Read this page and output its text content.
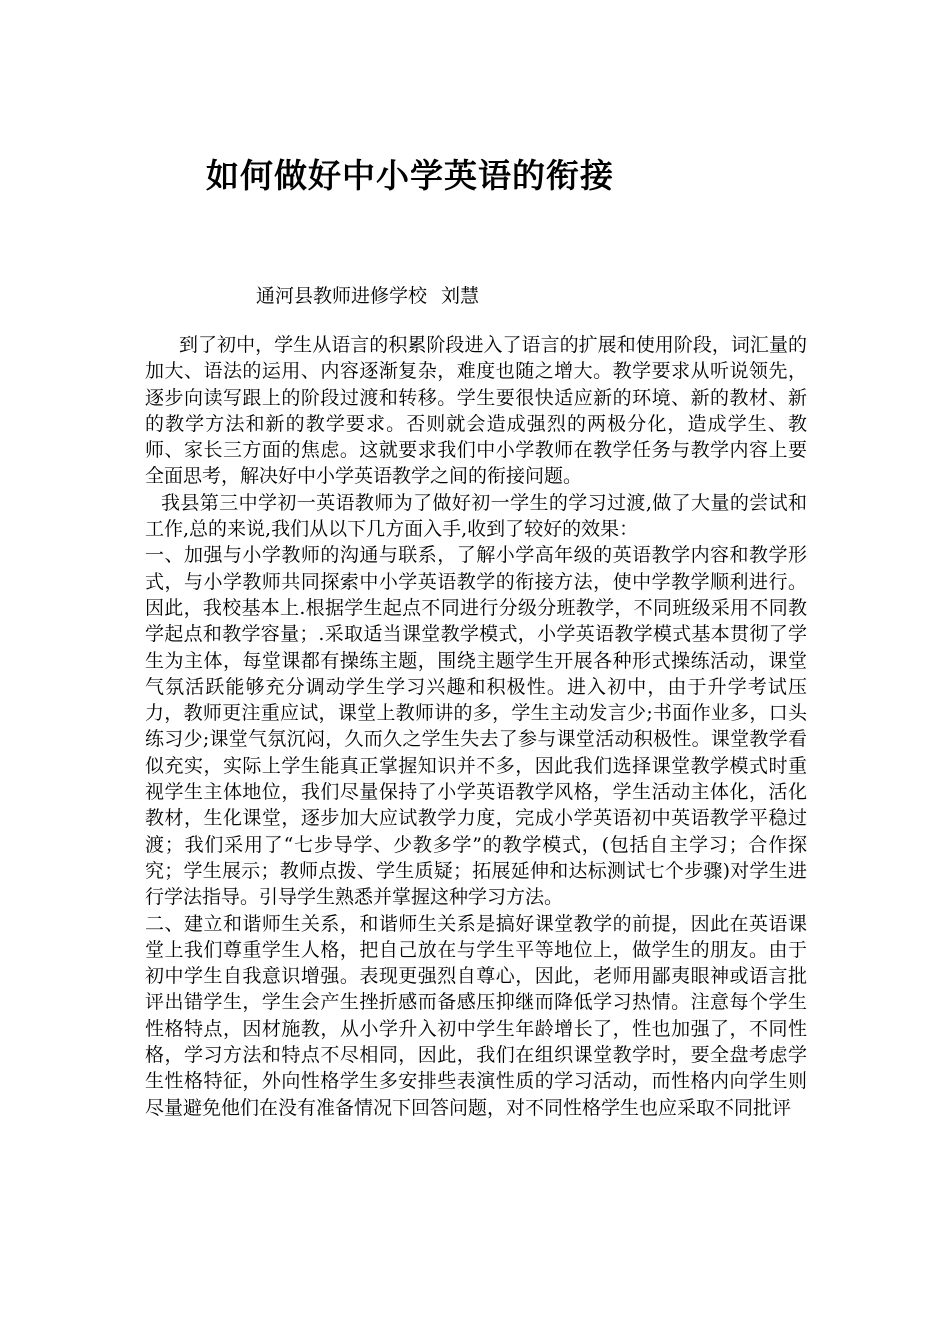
如何做好中小学英语的衔接
通河县教师进修学校 刘慧

到了初中，学生从语言的积累阶段进入了语言的扩展和使用阶段，词汇量的加大、语法的运用、内容逐渐复杂，难度也随之增大。教学要求从听说领先，逐步向读写跟上的阶段过渡和转移。学生要很快适应新的环境、新的教材、新的教学方法和新的教学要求。否则就会造成强烈的两极分化，造成学生、教师、家长三方面的焦虑。这就要求我们中小学教师在教学任务与教学内容上要全面思考，解决好中小学英语教学之间的衔接问题。

我县第三中学初一英语教师为了做好初一学生的学习过渡,做了大量的尝试和工作,总的来说,我们从以下几方面入手,收到了较好的效果：

一、加强与小学教师的沟通与联系，了解小学高年级的英语教学内容和教学形式，与小学教师共同探索中小学英语教学的衔接方法，使中学教学顺利进行。因此，我校基本上.根据学生起点不同进行分级分班教学，不同班级采用不同教学起点和教学容量；.采取适当课堂教学模式，小学英语教学模式基本贯彻了学生为主体，每堂课都有操练主题，围绕主题学生开展各种形式操练活动，课堂气氛活跃能够充分调动学生学习兴趣和积极性。进入初中，由于升学考试压力，教师更注重应试，课堂上教师讲的多，学生主动发言少;书面作业多，口头练习少;课堂气氛沉闷，久而久之学生失去了参与课堂活动积极性。课堂教学看似充实，实际上学生能真正掌握知识并不多，因此我们选择课堂教学模式时重视学生主体地位，我们尽量保持了小学英语教学风格，学生活动主体化，活化教材，生化课堂，逐步加大应试教学力度，完成小学英语初中英语教学平稳过渡；我们采用了“七步导学、少教多学”的教学模式，(包括自主学习；合作探究；学生展示；教师点拨、学生质疑；拓展延伸和达标测试七个步骤)对学生进行学法指导。引导学生熟悉并掌握这种学习方法。

二、建立和谐师生关系，和谐师生关系是搞好课堂教学的前提，因此在英语课堂上我们尊重学生人格，把自己放在与学生平等地位上，做学生的朋友。由于初中学生自我意识增强。表现更强烈自尊心，因此，老师用鄙夷眼神或语言批评出错学生，学生会产生挫折感而备感压抑继而降低学习热情。注意每个学生性格特点，因材施教，从小学升入初中学生年龄增长了，性也加强了，不同性格，学习方法和特点不尽相同，因此，我们在组织课堂教学时，要全盘考虑学生性格特征，外向性格学生多安排些表演性质的学习活动，而性格内向学生则尽量避免他们在没有准备情况下回答问题，对不同性格学生也应采取不同批评
